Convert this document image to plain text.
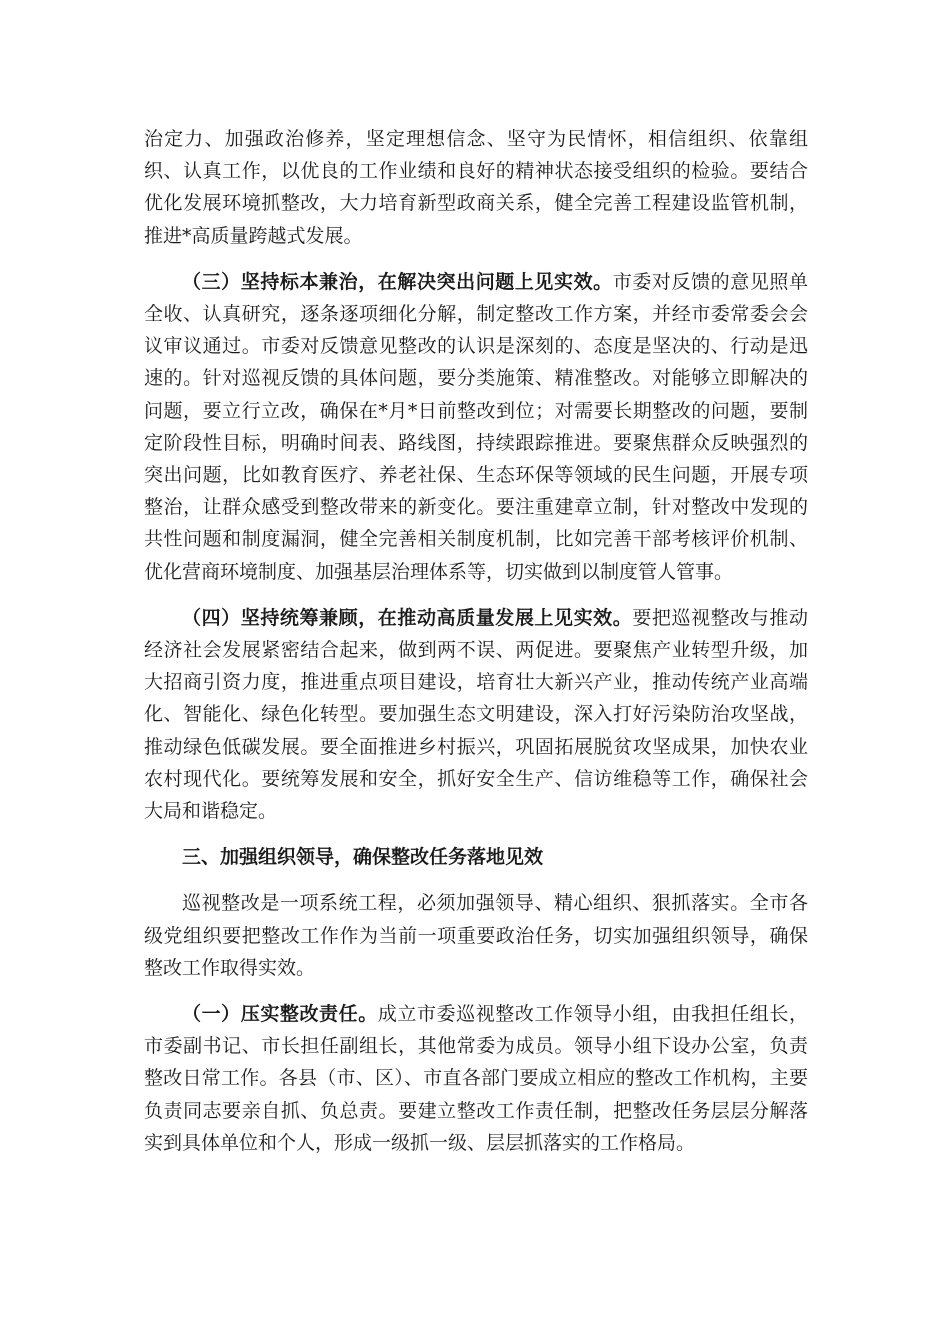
治定力、加强政治修养，坚定理想信念、坚守为民情怀，相信组织、依靠组织、认真工作，以优良的工作业绩和良好的精神状态接受组织的检验。要结合优化发展环境抓整改，大力培育新型政商关系，健全完善工程建设监管机制，推进*高质量跨越式发展。

（三）坚持标本兼治，在解决突出问题上见实效。市委对反馈的意见照单全收、认真研究，逐条逐项细化分解，制定整改工作方案，并经市委常委会会议审议通过。市委对反馈意见整改的认识是深刻的、态度是坚决的、行动是迅速的。针对巡视反馈的具体问题，要分类施策、精准整改。对能够立即解决的问题，要立行立改，确保在*月*日前整改到位；对需要长期整改的问题，要制定阶段性目标，明确时间表、路线图，持续跟踪推进。要聚焦群众反映强烈的突出问题，比如教育医疗、养老社保、生态环保等领域的民生问题，开展专项整治，让群众感受到整改带来的新变化。要注重建章立制，针对整改中发现的共性问题和制度漏洞，健全完善相关制度机制，比如完善干部考核评价机制、优化营商环境制度、加强基层治理体系等，切实做到以制度管人管事。

（四）坚持统筹兼顾，在推动高质量发展上见实效。要把巡视整改与推动经济社会发展紧密结合起来，做到两不误、两促进。要聚焦产业转型升级，加大招商引资力度，推进重点项目建设，培育壮大新兴产业，推动传统产业高端化、智能化、绿色化转型。要加强生态文明建设，深入打好污染防治攻坚战，推动绿色低碳发展。要全面推进乡村振兴，巩固拓展脱贫攻坚成果，加快农业农村现代化。要统筹发展和安全，抓好安全生产、信访维稳等工作，确保社会大局和谐稳定。

三、加强组织领导，确保整改任务落地见效

巡视整改是一项系统工程，必须加强领导、精心组织、狠抓落实。全市各级党组织要把整改工作作为当前一项重要政治任务，切实加强组织领导，确保整改工作取得实效。

（一）压实整改责任。成立市委巡视整改工作领导小组，由我担任组长，市委副书记、市长担任副组长，其他常委为成员。领导小组下设办公室，负责整改日常工作。各县（市、区）、市直各部门要成立相应的整改工作机构，主要负责同志要亲自抓、负总责。要建立整改工作责任制，把整改任务层层分解落实到具体单位和个人，形成一级抓一级、层层抓落实的工作格局。
